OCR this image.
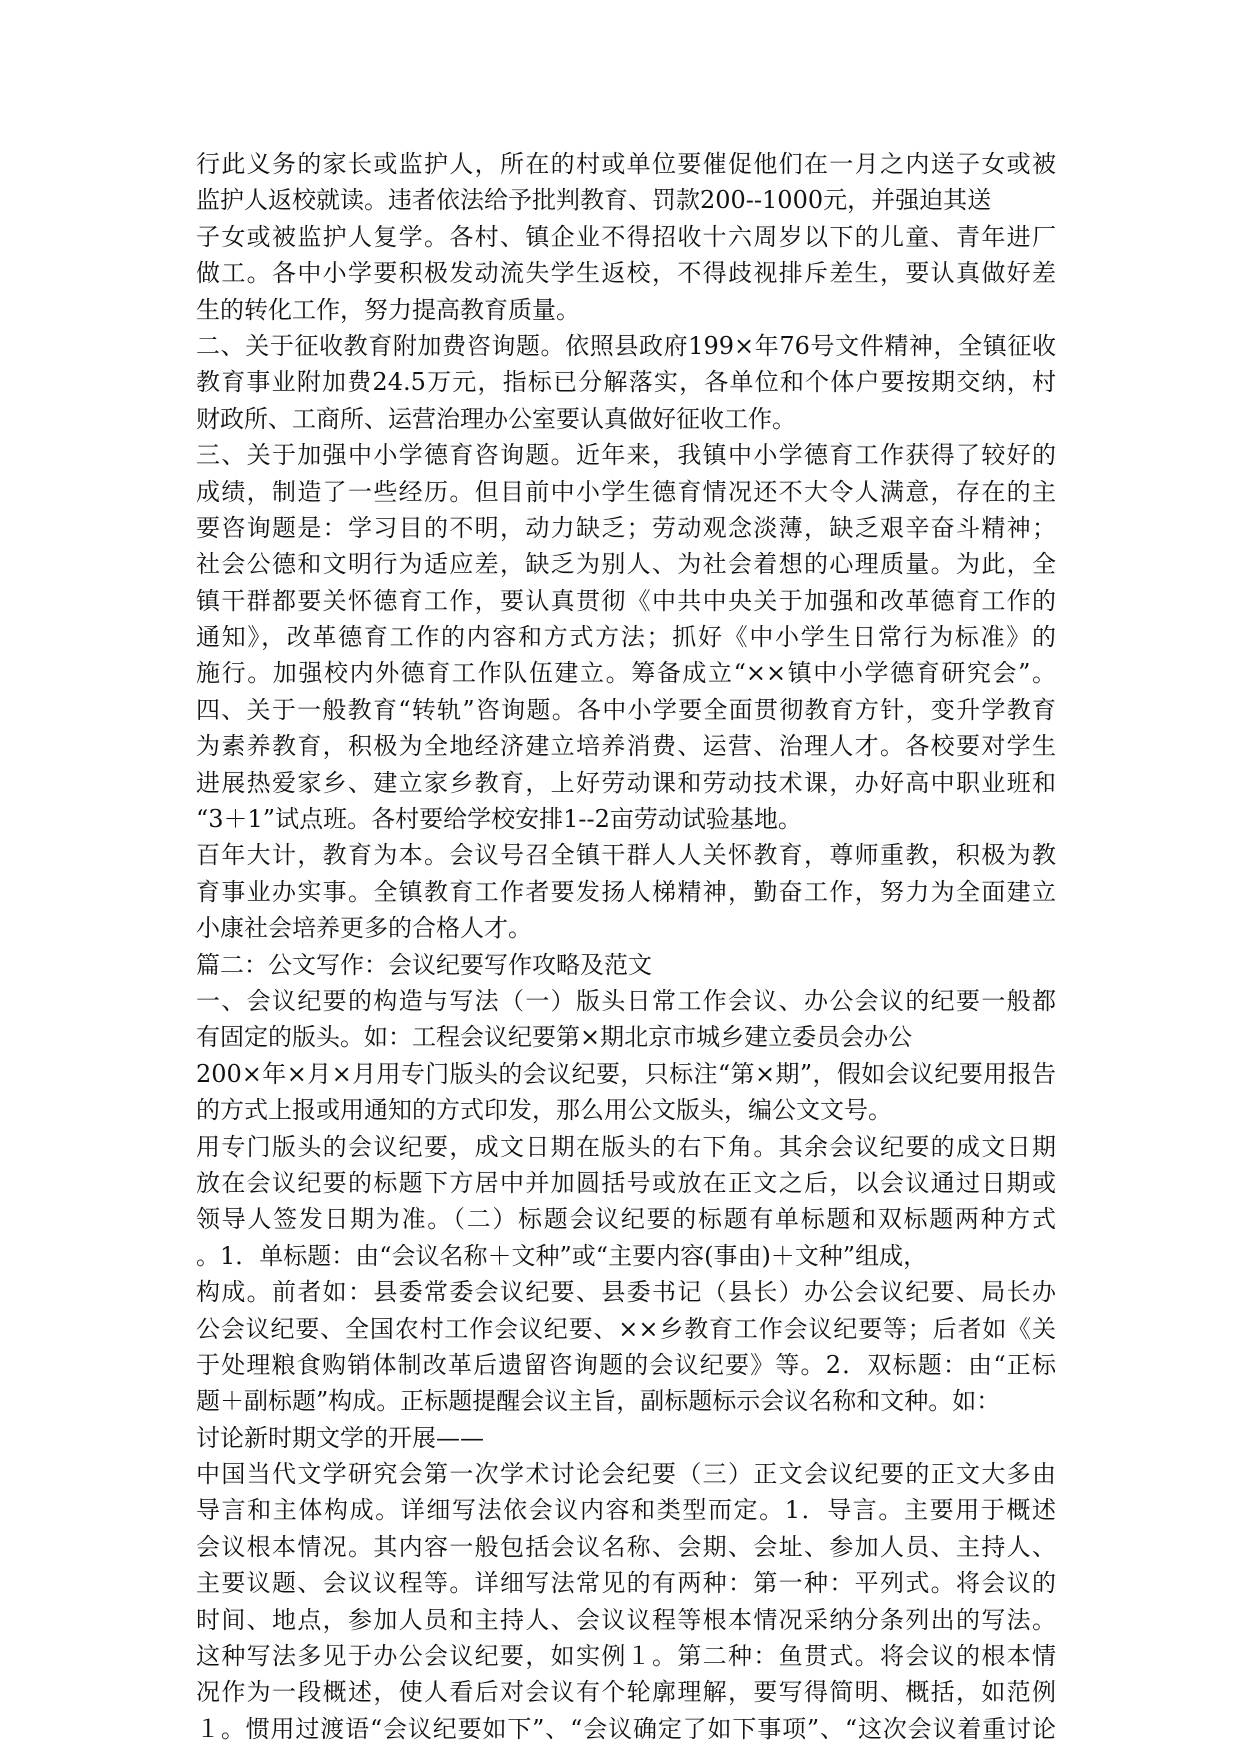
行此义务的家长或监护人，所在的村或单位要催促他们在一月之内送子女或被
监护人返校就读。违者依法给予批判教育、罚款200--1000元，并强迫其送
子女或被监护人复学。各村、镇企业不得招收十六周岁以下的儿童、青年进厂
做工。各中小学要积极发动流失学生返校，不得歧视排斥差生，要认真做好差
生的转化工作，努力提高教育质量。
二、关于征收教育附加费咨询题。依照县政府199×年76号文件精神，全镇征收
教育事业附加费24.5万元，指标已分解落实，各单位和个体户要按期交纳，村
财政所、工商所、运营治理办公室要认真做好征收工作。
三、关于加强中小学德育咨询题。近年来，我镇中小学德育工作获得了较好的
成绩，制造了一些经历。但目前中小学生德育情况还不大令人满意，存在的主
要咨询题是：学习目的不明，动力缺乏；劳动观念淡薄，缺乏艰辛奋斗精神；
社会公德和文明行为适应差，缺乏为别人、为社会着想的心理质量。为此，全
镇干群都要关怀德育工作，要认真贯彻《中共中央关于加强和改革德育工作的
通知》，改革德育工作的内容和方式方法；抓好《中小学生日常行为标准》的
施行。加强校内外德育工作队伍建立。筹备成立“××镇中小学德育研究会”。
四、关于一般教育“转轨”咨询题。各中小学要全面贯彻教育方针，变升学教育
为素养教育，积极为全地经济建立培养消费、运营、治理人才。各校要对学生
进展热爱家乡、建立家乡教育，上好劳动课和劳动技术课，办好高中职业班和
“3＋1”试点班。各村要给学校安排1--2亩劳动试验基地。
百年大计，教育为本。会议号召全镇干群人人关怀教育，尊师重教，积极为教
育事业办实事。全镇教育工作者要发扬人梯精神，勤奋工作，努力为全面建立
小康社会培养更多的合格人才。
篇二：公文写作：会议纪要写作攻略及范文
一、会议纪要的构造与写法（一）版头日常工作会议、办公会议的纪要一般都
有固定的版头。如：工程会议纪要第×期北京市城乡建立委员会办公
200×年×月×月用专门版头的会议纪要，只标注“第×期”，假如会议纪要用报告
的方式上报或用通知的方式印发，那么用公文版头，编公文文号。
用专门版头的会议纪要，成文日期在版头的右下角。其余会议纪要的成文日期
放在会议纪要的标题下方居中并加圆括号或放在正文之后，以会议通过日期或
领导人签发日期为准。（二）标题会议纪要的标题有单标题和双标题两种方式
。1．单标题：由“会议名称＋文种”或“主要内容(事由)＋文种”组成，
构成。前者如：县委常委会议纪要、县委书记（县长）办公会议纪要、局长办
公会议纪要、全国农村工作会议纪要、××乡教育工作会议纪要等；后者如《关
于处理粮食购销体制改革后遗留咨询题的会议纪要》等。2．双标题：由“正标
题＋副标题”构成。正标题提醒会议主旨，副标题标示会议名称和文种。如：
讨论新时期文学的开展——
中国当代文学研究会第一次学术讨论会纪要（三）正文会议纪要的正文大多由
导言和主体构成。详细写法依会议内容和类型而定。1．导言。主要用于概述
会议根本情况。其内容一般包括会议名称、会期、会址、参加人员、主持人、
主要议题、会议议程等。详细写法常见的有两种：第一种：平列式。将会议的
时间、地点，参加人员和主持人、会议议程等根本情况采纳分条列出的写法。
这种写法多见于办公会议纪要，如实例１。第二种：鱼贯式。将会议的根本情
况作为一段概述，使人看后对会议有个轮廓理解，要写得简明、概括，如范例
１。惯用过渡语“会议纪要如下”、“会议确定了如下事项”、“这次会议着重讨论
